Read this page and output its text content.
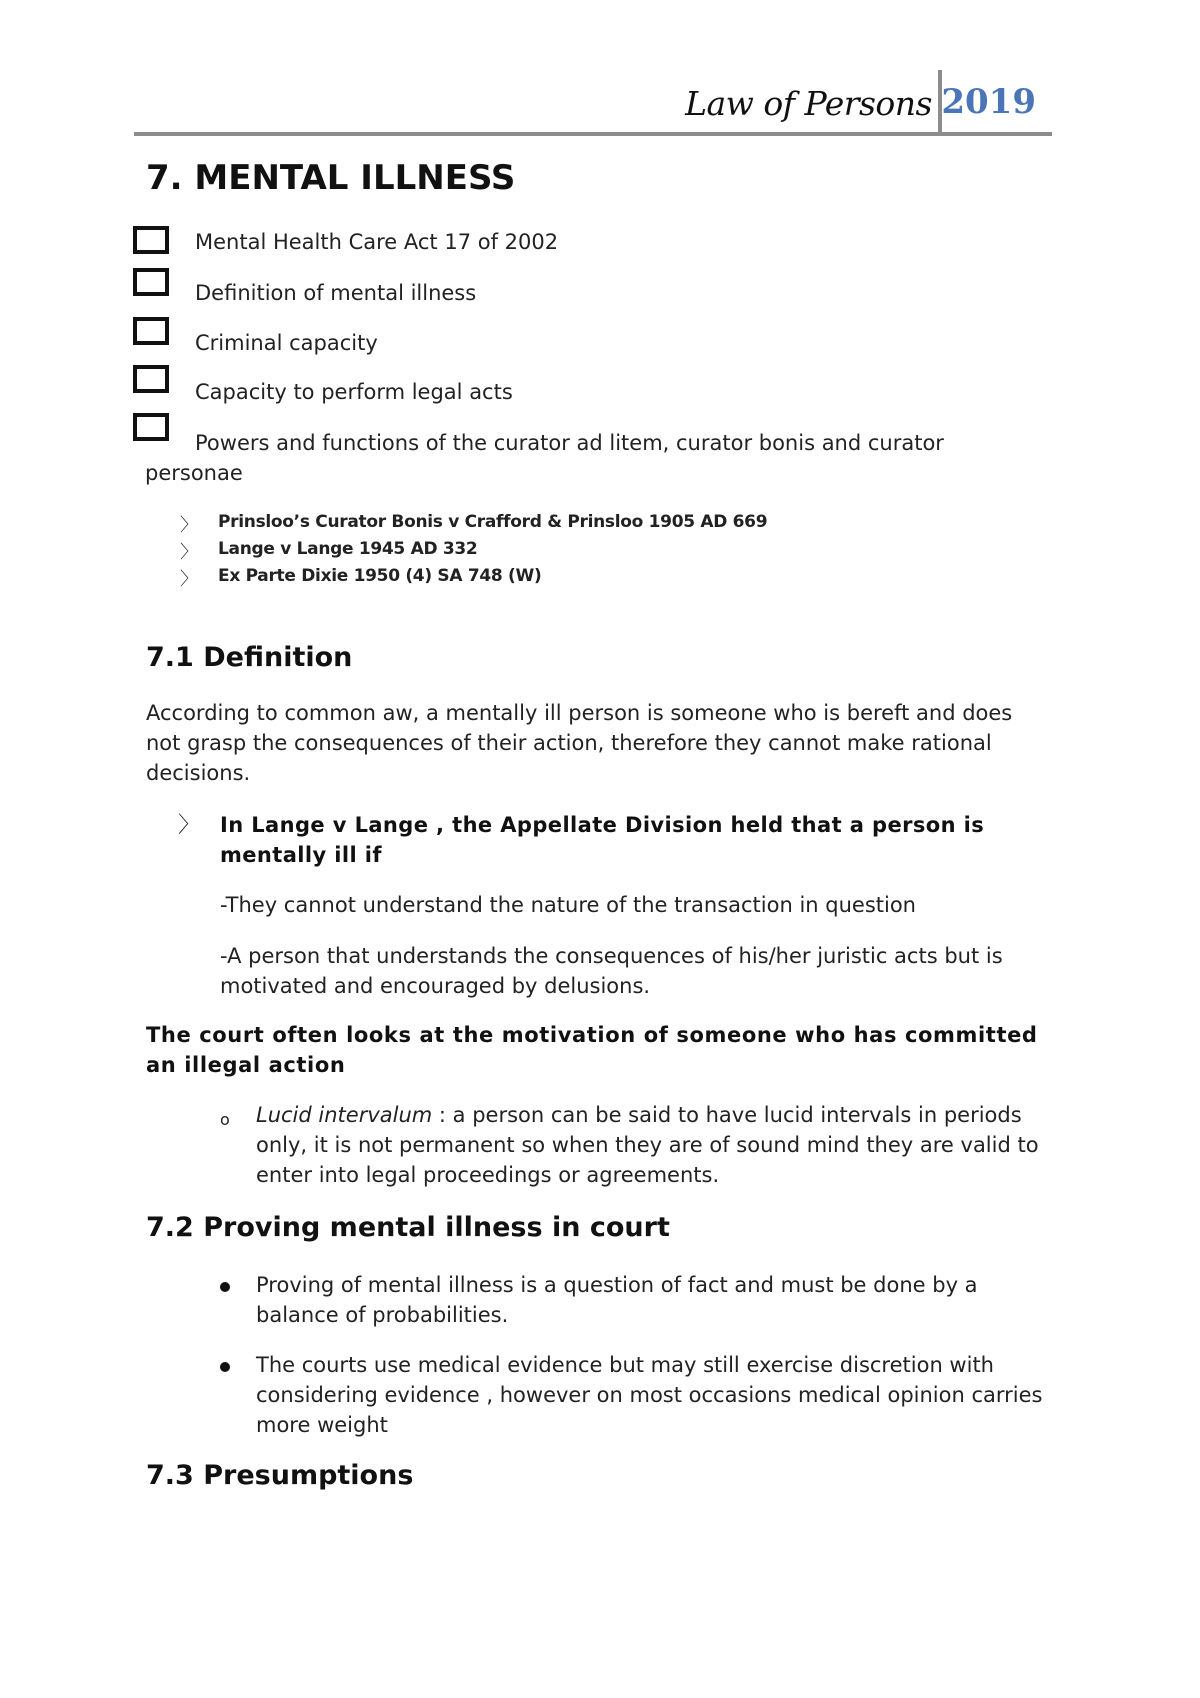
Law of Persons 2019
7. MENTAL ILLNESS
Mental Health Care Act 17 of 2002
Definition of mental illness
Criminal capacity
Capacity to perform legal acts
Powers and functions of the curator ad litem, curator bonis and curator
personae
〉 Prinsloo’s Curator Bonis v Crafford & Prinsloo 1905 AD 669
〉 Lange v Lange 1945 AD 332
〉 Ex Parte Dixie 1950 (4) SA 748 (W)
7.1 Definition

According to common aw, a mentally ill person is someone who is bereft and does not grasp the consequences of their action, therefore they cannot make rational decisions.

〉 In Lange v Lange , the Appellate Division held that a person is mentally ill if

-They cannot understand the nature of the transaction in question

-A person that understands the consequences of his/her juristic acts but is motivated and encouraged by delusions.

The court often looks at the motivation of someone who has committed an illegal action

o Lucid intervalum : a person can be said to have lucid intervals in periods only, it is not permanent so when they are of sound mind they are valid to enter into legal proceedings or agreements.

7.2 Proving mental illness in court

Proving of mental illness is a question of fact and must be done by a balance of probabilities.

The courts use medical evidence but may still exercise discretion with considering evidence , however on most occasions medical opinion carries more weight

7.3 Presumptions
